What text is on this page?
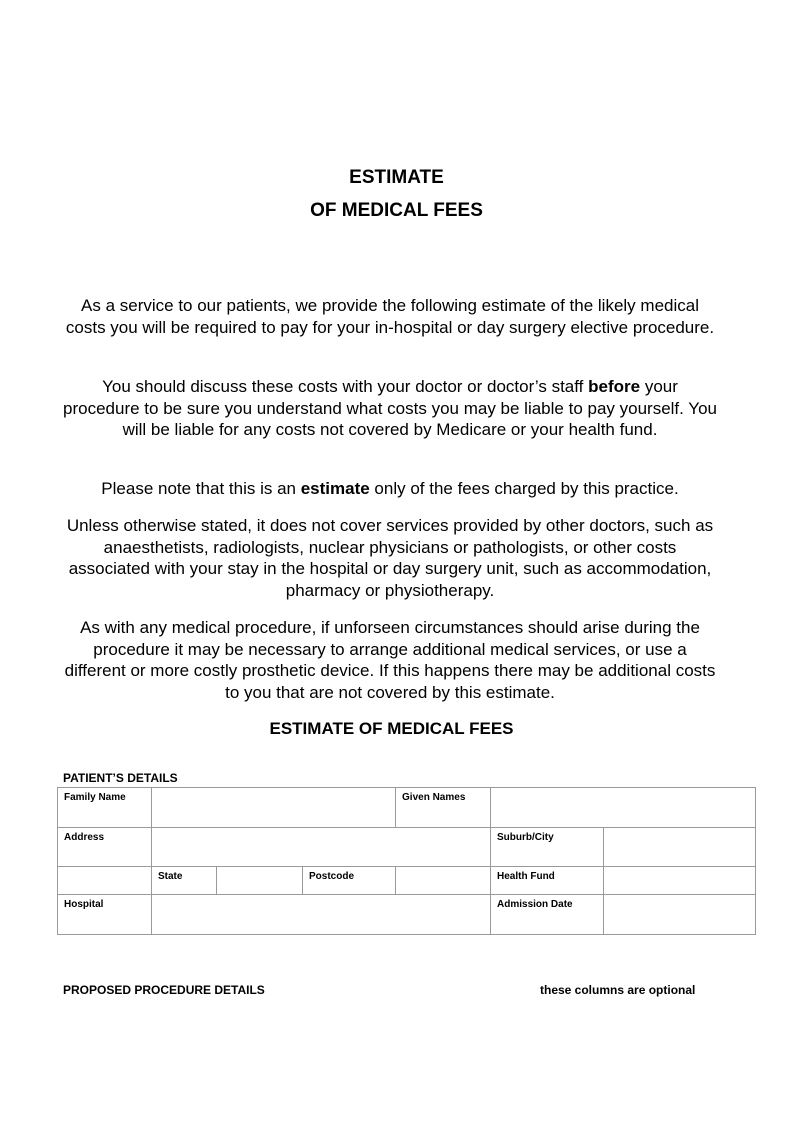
ESTIMATE
OF MEDICAL FEES

As a service to our patients, we provide the following estimate of the likely medical costs you will be required to pay for your in-hospital or day surgery elective procedure.

You should discuss these costs with your doctor or doctor’s staff before your procedure to be sure you understand what costs you may be liable to pay yourself. You will be liable for any costs not covered by Medicare or your health fund.

Please note that this is an estimate only of the fees charged by this practice.

Unless otherwise stated, it does not cover services provided by other doctors, such as anaesthetists, radiologists, nuclear physicians or pathologists, or other costs associated with your stay in the hospital or day surgery unit, such as accommodation, pharmacy or physiotherapy.

As with any medical procedure, if unforseen circumstances should arise during the procedure it may be necessary to arrange additional medical services, or use a different or more costly prosthetic device. If this happens there may be additional costs to you that are not covered by this estimate.

ESTIMATE OF MEDICAL FEES
PATIENT’S DETAILS
Family Name				Given Names		
Address					Suburb/City	
	State		Postcode		Health Fund	
Hospital					Admission Date	
PROPOSED PROCEDURE DETAILS	these columns are optional
